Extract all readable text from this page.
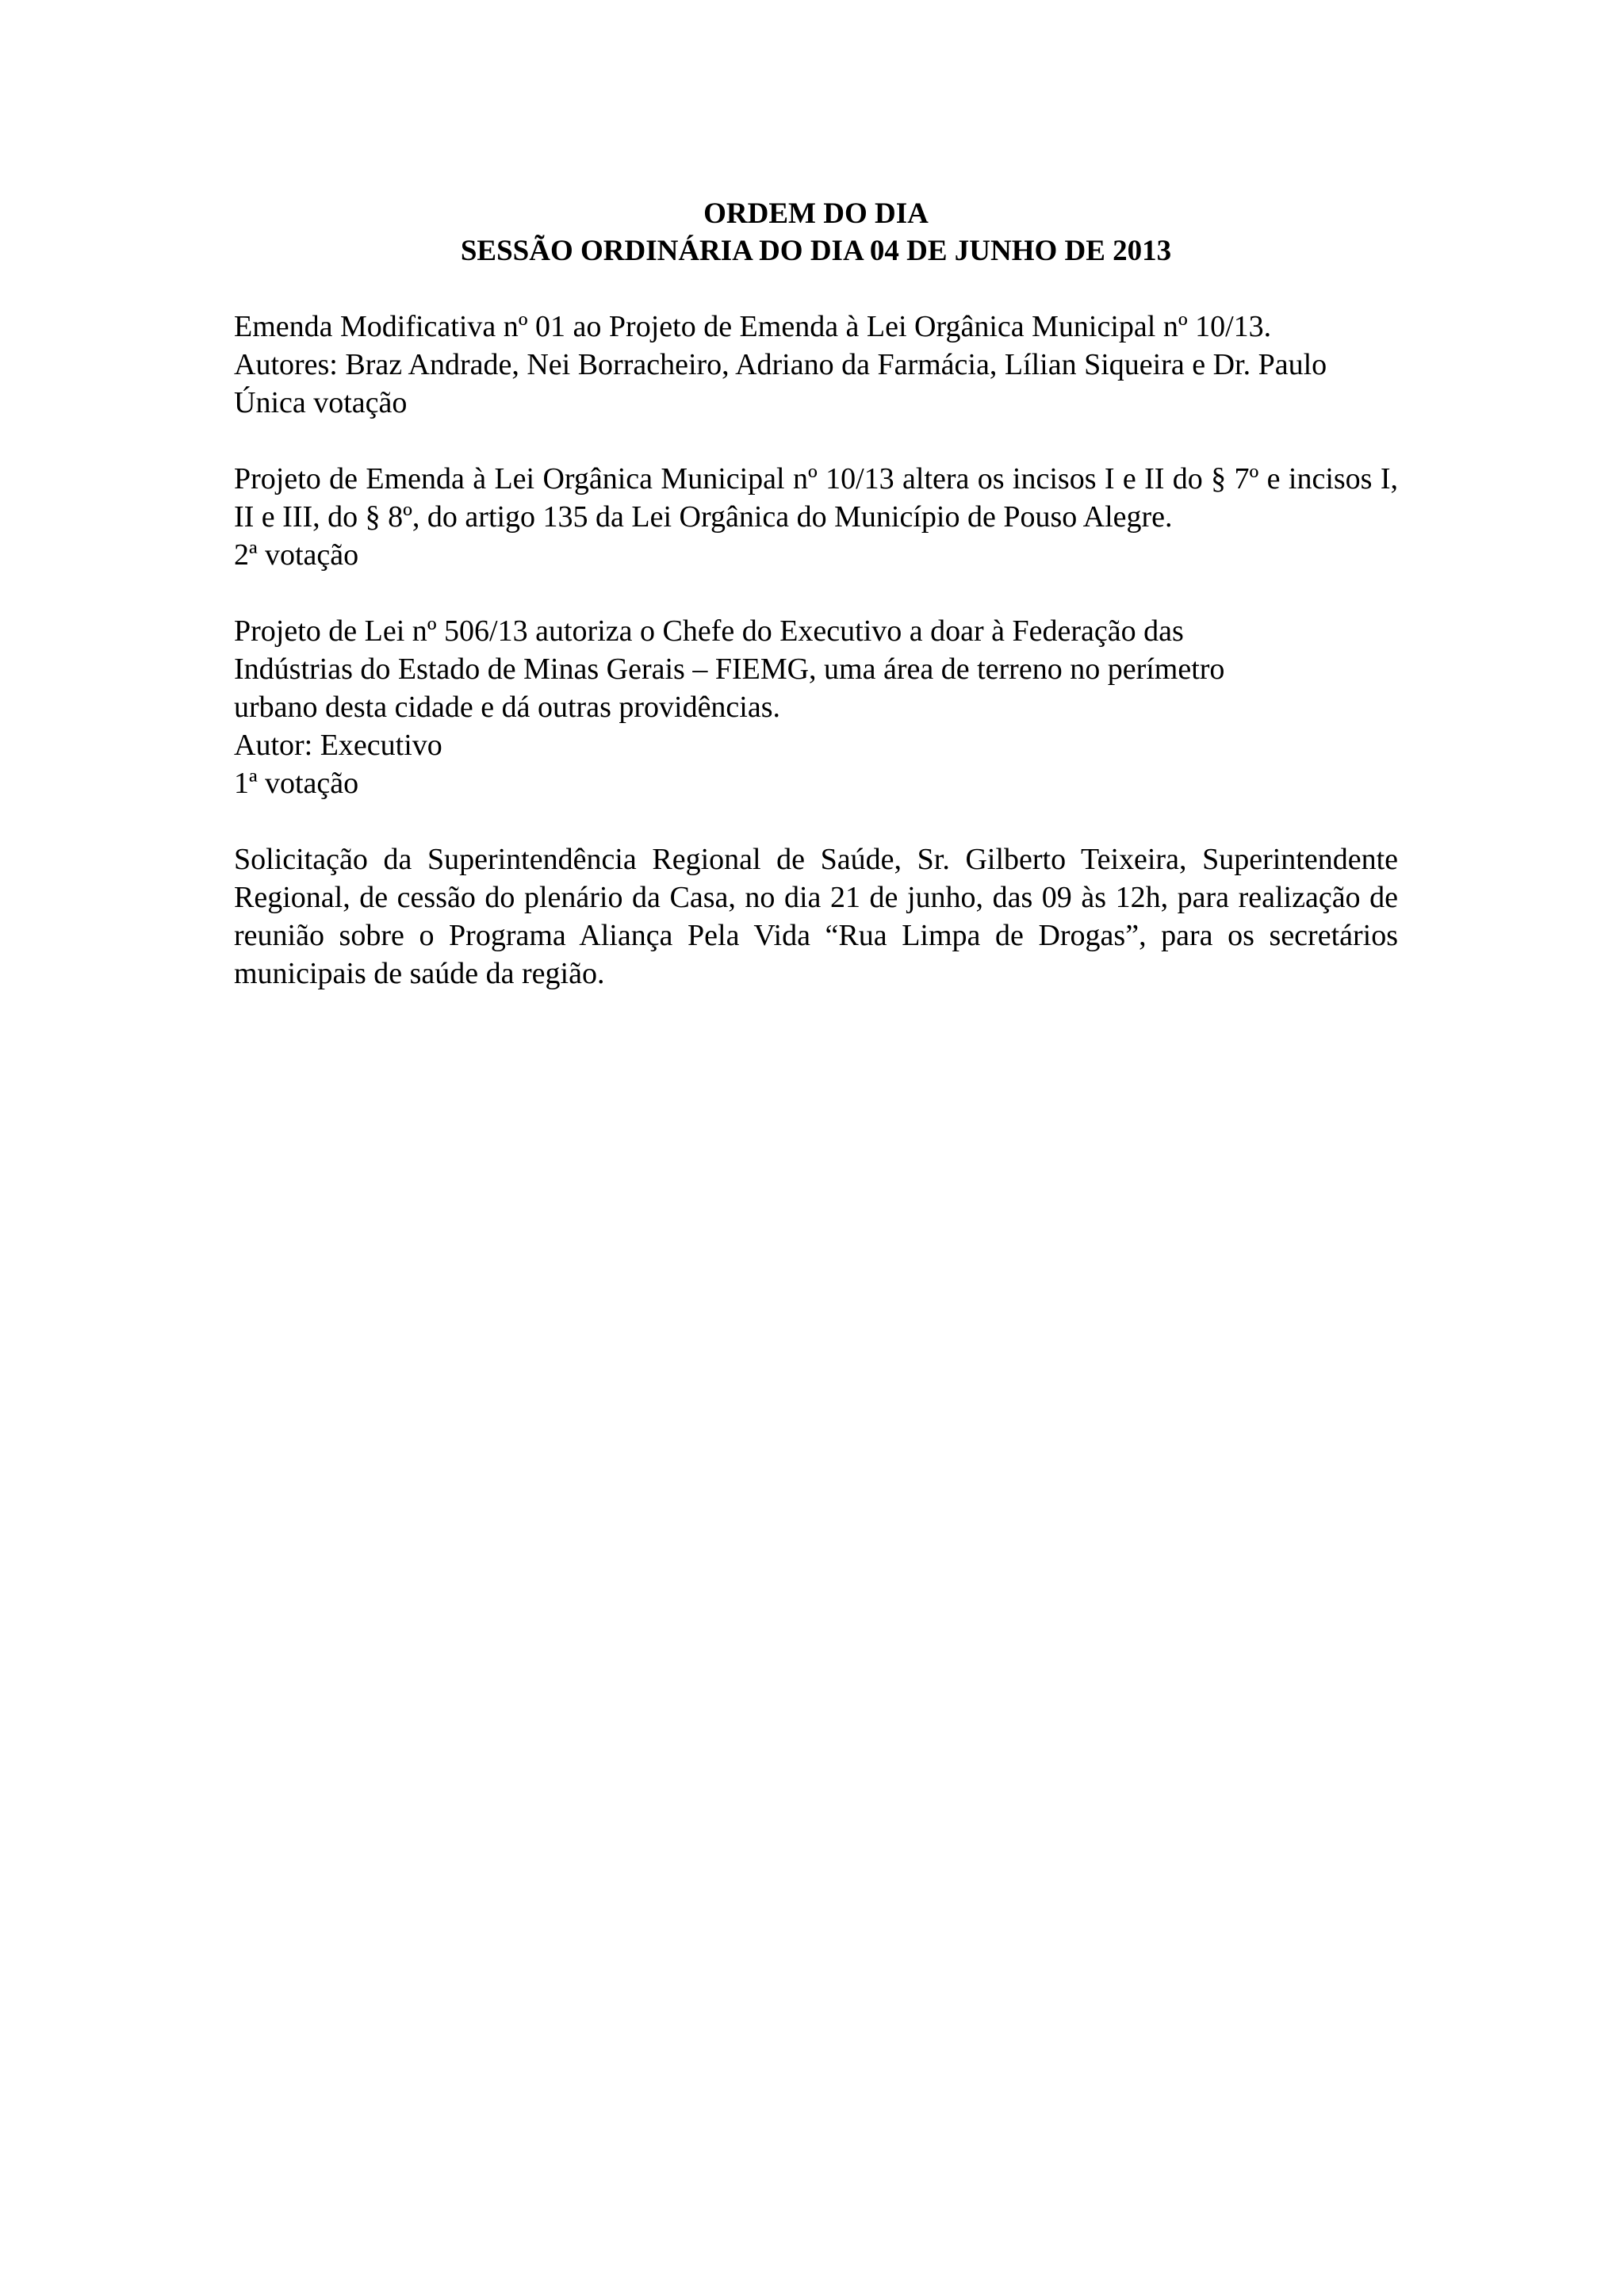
ORDEM DO DIA
SESSÃO ORDINÁRIA DO DIA 04 DE JUNHO DE 2013
Emenda Modificativa nº 01 ao Projeto de Emenda à Lei Orgânica Municipal nº 10/13.
Autores: Braz Andrade, Nei Borracheiro, Adriano da Farmácia, Lílian Siqueira e Dr. Paulo
Única votação
Projeto de Emenda à Lei Orgânica Municipal nº 10/13 altera os incisos I e II do § 7º e incisos I, II e III, do § 8º, do artigo 135 da Lei Orgânica do Município de Pouso Alegre.
2ª votação
Projeto de Lei nº 506/13 autoriza o Chefe do Executivo a doar à Federação das
Indústrias do Estado de Minas Gerais – FIEMG, uma área de terreno no perímetro
urbano desta cidade e dá outras providências.
Autor: Executivo
1ª votação
Solicitação da Superintendência Regional de Saúde, Sr. Gilberto Teixeira, Superintendente Regional, de cessão do plenário da Casa, no dia 21 de junho, das 09 às 12h, para realização de reunião sobre o Programa Aliança Pela Vida “Rua Limpa de Drogas”, para os secretários municipais de saúde da região.
